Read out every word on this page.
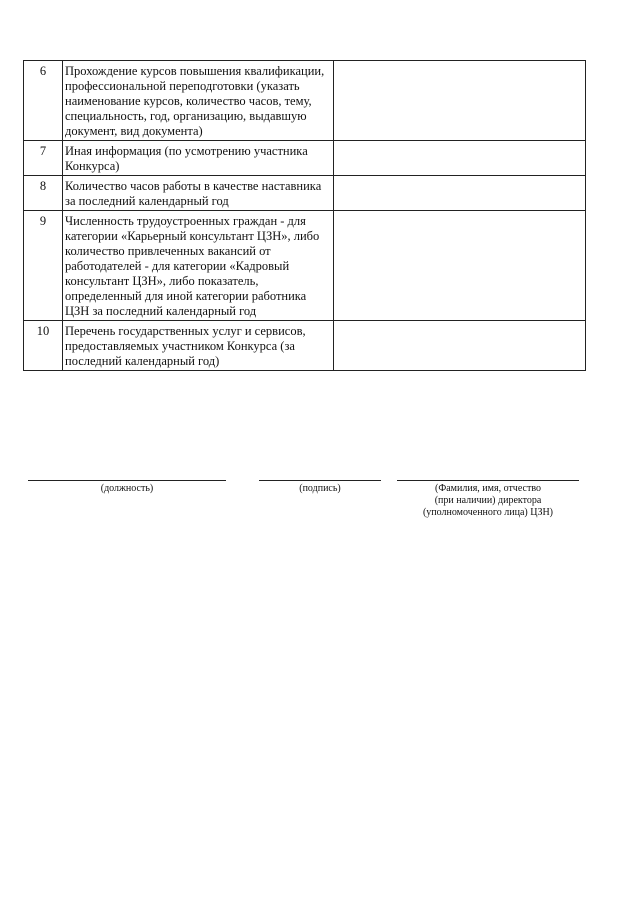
6	Прохождение курсов повышения квалификации, профессиональной переподготовки (указать наименование курсов, количество часов, тему, специальность, год, организацию, выдавшую документ, вид документа)	
7	Иная информация (по усмотрению участника Конкурса)	
8	Количество часов работы в качестве наставника за последний календарный год	
9	Численность трудоустроенных граждан - для категории «Карьерный консультант ЦЗН», либо количество привлеченных вакансий от работодателей - для категории «Кадровый консультант ЦЗН», либо показатель, определенный для иной категории работника ЦЗН за последний календарный год	
10	Перечень государственных услуг и сервисов, предоставляемых участником Конкурса (за последний календарный год)	
(должность)	(подпись)	(Фамилия, имя, отчество
(при наличии) директора
(уполномоченного лица) ЦЗН)
